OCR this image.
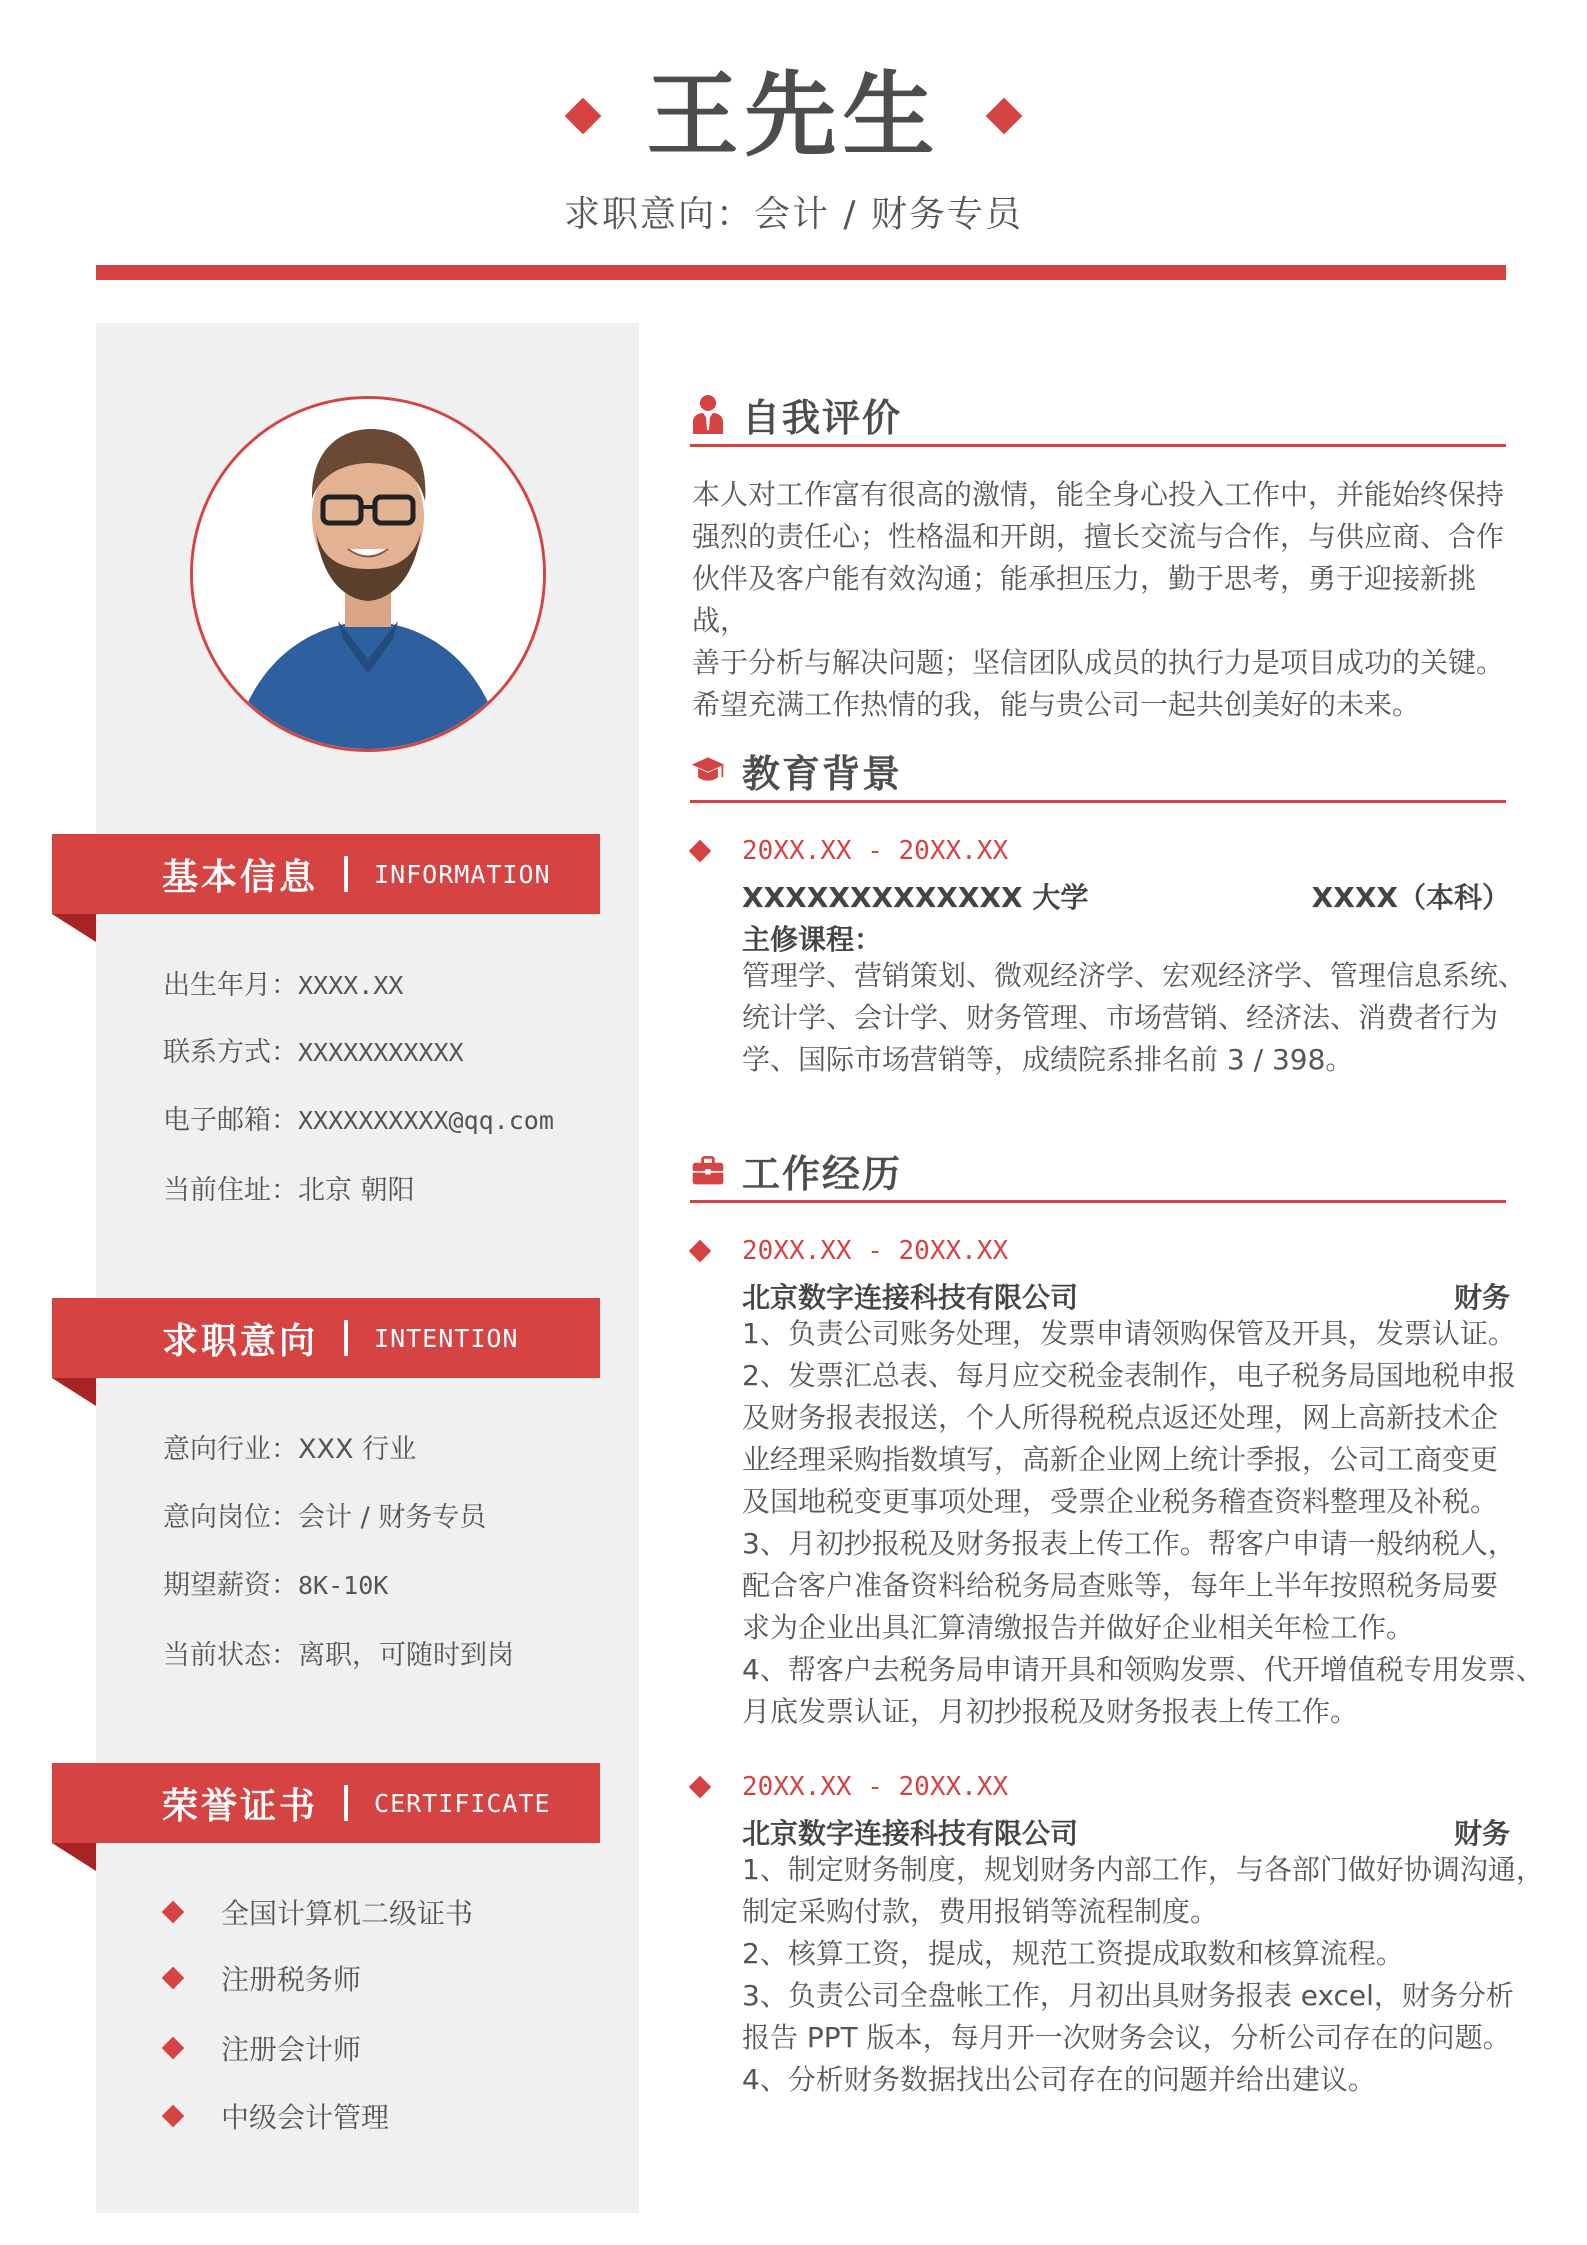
王先生
求职意向：会计 / 财务专员
基本信息 INFORMATION
出生年月：XXXX.XX
联系方式：XXXXXXXXXXX
电子邮箱：XXXXXXXXXX@qq.com
当前住址：北京 朝阳
求职意向 INTENTION
意向行业：XXX 行业
意向岗位：会计 / 财务专员
期望薪资：8K-10K
当前状态：离职，可随时到岗
荣誉证书 CERTIFICATE
全国计算机二级证书
注册税务师
注册会计师
中级会计管理
自我评价
本人对工作富有很高的激情，能全身心投入工作中，并能始终保持
强烈的责任心；性格温和开朗，擅长交流与合作，与供应商、合作
伙伴及客户能有效沟通；能承担压力，勤于思考，勇于迎接新挑战，
善于分析与解决问题；坚信团队成员的执行力是项目成功的关键。
希望充满工作热情的我，能与贵公司一起共创美好的未来。
教育背景
20XX.XX - 20XX.XX
XXXXXXXXXXXXX 大学	XXXX（本科）
主修课程：
管理学、营销策划、微观经济学、宏观经济学、管理信息系统、
统计学、会计学、财务管理、市场营销、经济法、消费者行为
学、国际市场营销等，成绩院系排名前 3 / 398。
工作经历
20XX.XX - 20XX.XX
北京数字连接科技有限公司	财务
1、负责公司账务处理，发票申请领购保管及开具，发票认证。
2、发票汇总表、每月应交税金表制作，电子税务局国地税申报
及财务报表报送，个人所得税税点返还处理，网上高新技术企
业经理采购指数填写，高新企业网上统计季报，公司工商变更
及国地税变更事项处理，受票企业税务稽查资料整理及补税。
3、月初抄报税及财务报表上传工作。帮客户申请一般纳税人，
配合客户准备资料给税务局查账等，每年上半年按照税务局要
求为企业出具汇算清缴报告并做好企业相关年检工作。
4、帮客户去税务局申请开具和领购发票、代开增值税专用发票、
月底发票认证，月初抄报税及财务报表上传工作。
20XX.XX - 20XX.XX
北京数字连接科技有限公司	财务
1、制定财务制度，规划财务内部工作，与各部门做好协调沟通，
制定采购付款，费用报销等流程制度。
2、核算工资，提成，规范工资提成取数和核算流程。
3、负责公司全盘帐工作，月初出具财务报表 excel，财务分析
报告 PPT 版本，每月开一次财务会议，分析公司存在的问题。
4、分析财务数据找出公司存在的问题并给出建议。
